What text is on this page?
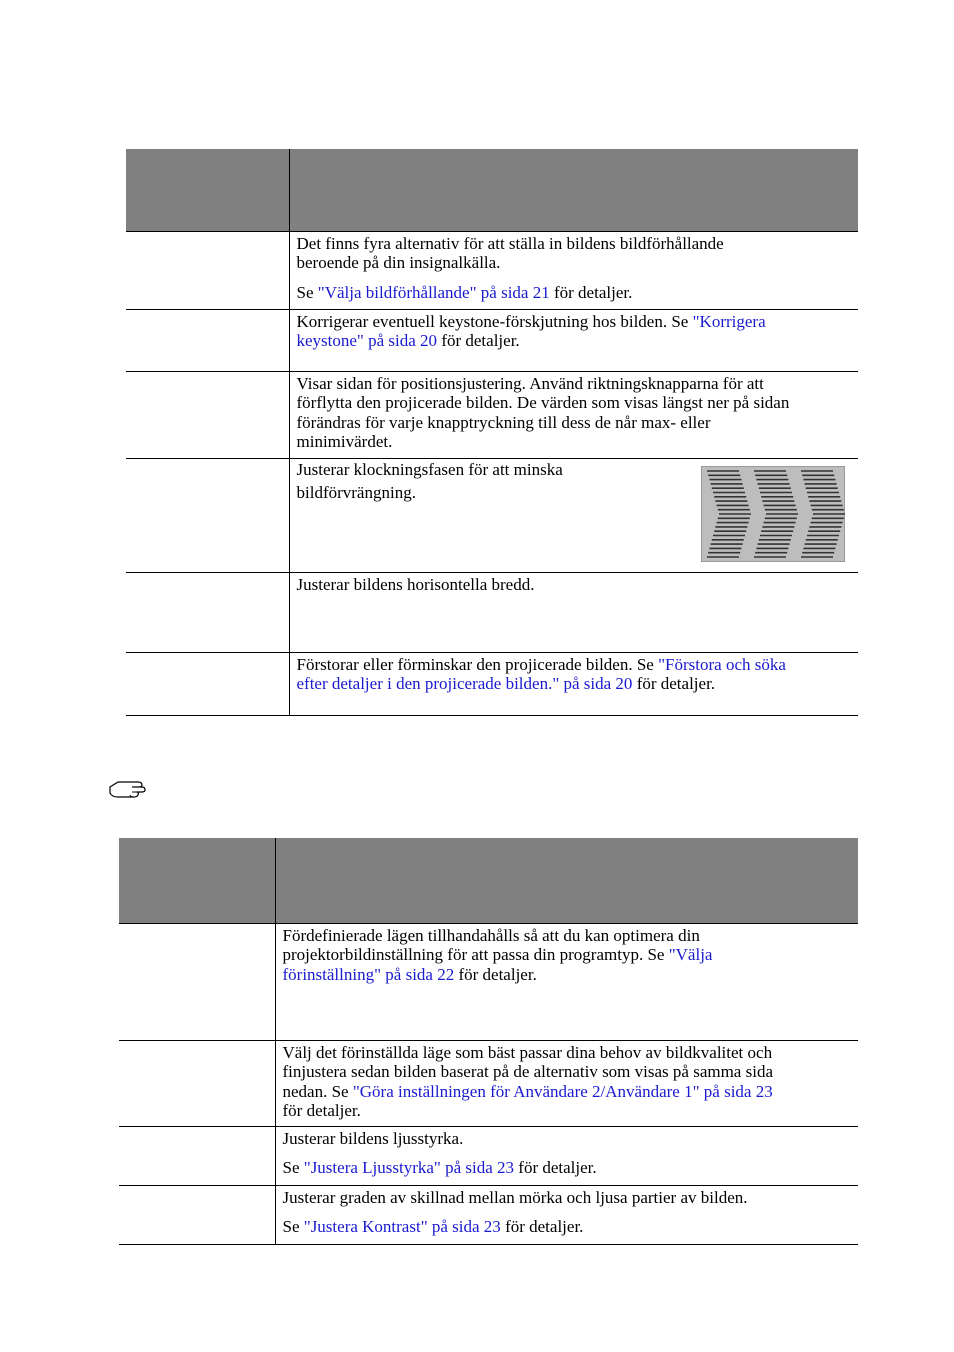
	Det finns fyra alternativ för att ställa in bildens bildförhållande
beroende på din insignalkälla.

Se "Välja bildförhållande" på sida 21 för detaljer.

	Korrigerar eventuell keystone-förskjutning hos bilden. Se "Korrigera
keystone" på sida 20 för detaljer.

	Visar sidan för positionsjustering. Använd riktningsknapparna för att
förflytta den projicerade bilden. De värden som visas längst ner på sidan
förändras för varje knapptryckning till dess de når max- eller
minimivärdet.

	Justerar klockningsfasen för att minska
bildförvrängning.

	Justerar bildens horisontella bredd.

	Förstorar eller förminskar den projicerade bilden. Se "Förstora och söka
efter detaljer i den projicerade bilden." på sida 20 för detaljer.

	Fördefinierade lägen tillhandahålls så att du kan optimera din
projektorbildinställning för att passa din programtyp. Se "Välja
förinställning" på sida 22 för detaljer.

	Välj det förinställda läge som bäst passar dina behov av bildkvalitet och
finjustera sedan bilden baserat på de alternativ som visas på samma sida
nedan. Se "Göra inställningen för Användare 2/Användare 1" på sida 23
för detaljer.

	Justerar bildens ljusstyrka.

Se "Justera Ljusstyrka" på sida 23 för detaljer.

	Justerar graden av skillnad mellan mörka och ljusa partier av bilden.

Se "Justera Kontrast" på sida 23 för detaljer.
